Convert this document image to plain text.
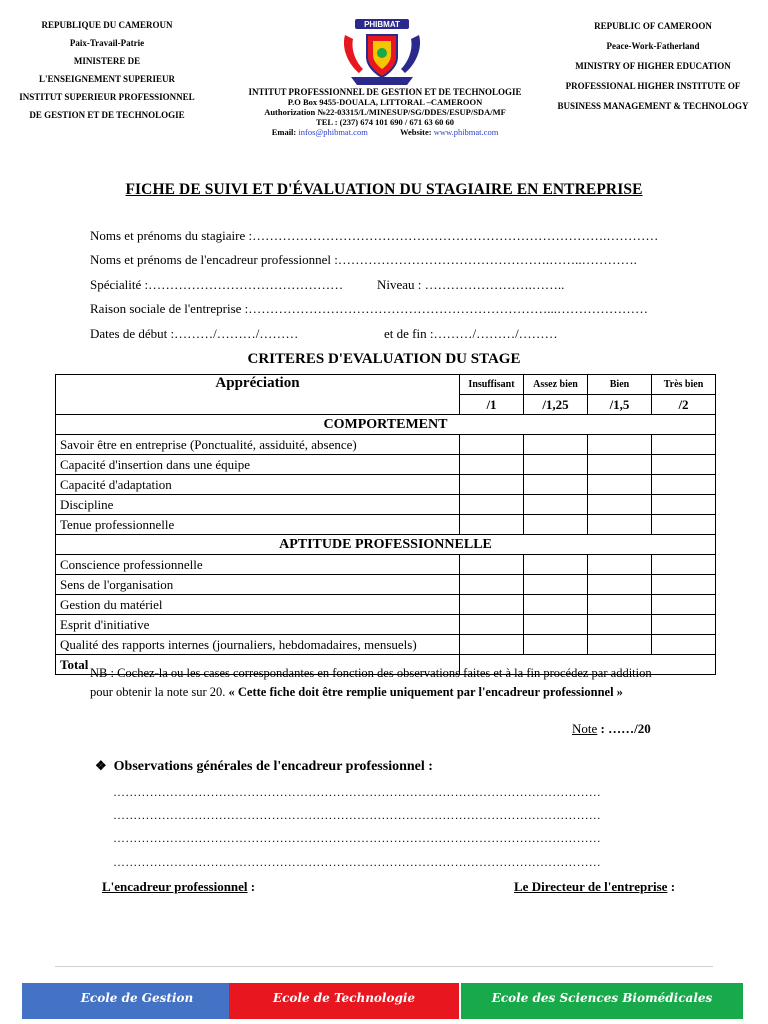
REPUBLIQUE DU CAMEROUN
Paix-Travail-Patrie
MINISTERE DE L'ENSEIGNEMENT SUPERIEUR
INSTITUT SUPERIEUR PROFESSIONNEL DE GESTION ET DE TECHNOLOGIE
PHIBMAT
INTITUT PROFESSIONNEL DE GESTION ET DE TECHNOLOGIE
P.O Box 9455-DOUALA, LITTORAL –CAMEROON
Authorization №22-03315/L/MINESUP/SG/DDES/ESUP/SDA/MF
TEL : (237) 674 101 690 / 671 63 60 60
Email: infos@phibmat.com	Website: www.phibmat.com
REPUBLIC OF CAMEROON
Peace-Work-Fatherland
MINISTRY OF HIGHER EDUCATION
PROFESSIONAL HIGHER INSTITUTE OF BUSINESS MANAGEMENT & TECHNOLOGY
FICHE DE SUIVI ET D'ÉVALUATION DU STAGIAIRE EN ENTREPRISE
Noms et prénoms du stagiaire :……………………………………………………………………….…………
Noms et prénoms de l'encadreur professionnel :………………………………………….……..………….
Spécialité :………………………………………	Niveau : …………………….……..
Raison sociale de l'entreprise :……………………………………………………………...…………………
Dates de début :………/………/………	et de fin :………/………/………
CRITERES D'EVALUATION DU STAGE
Appréciation	Insuffisant	Assez bien	Bien	Très bien
	/1	/1,25	/1,5	/2
COMPORTEMENT				
Savoir être en entreprise (Ponctualité, assiduité, absence)				
Capacité d'insertion dans une équipe				
Capacité d'adaptation				
Discipline				
Tenue professionnelle				
APTITUDE PROFESSIONNELLE				
Conscience professionnelle				
Sens de l'organisation				
Gestion du matériel				
Esprit d'initiative				
Qualité des rapports internes (journaliers, hebdomadaires, mensuels)				
Total				
NB : Cochez-la ou les cases correspondantes en fonction des observations faites et à la fin procédez par addition pour obtenir la note sur 20. « Cette fiche doit être remplie uniquement par l'encadreur professionnel »
Note : ……/20
❖ Observations générales de l'encadreur professionnel :
…………………………………………………………………………………………………………
…………………………………………………………………………………………………………
…………………………………………………………………………………………………………
…………………………………………………………………………………………………………
L'encadreur professionnel :	Le Directeur de l'entreprise :
Ecole de Gestion	Ecole de Technologie	Ecole des Sciences Biomédicales
